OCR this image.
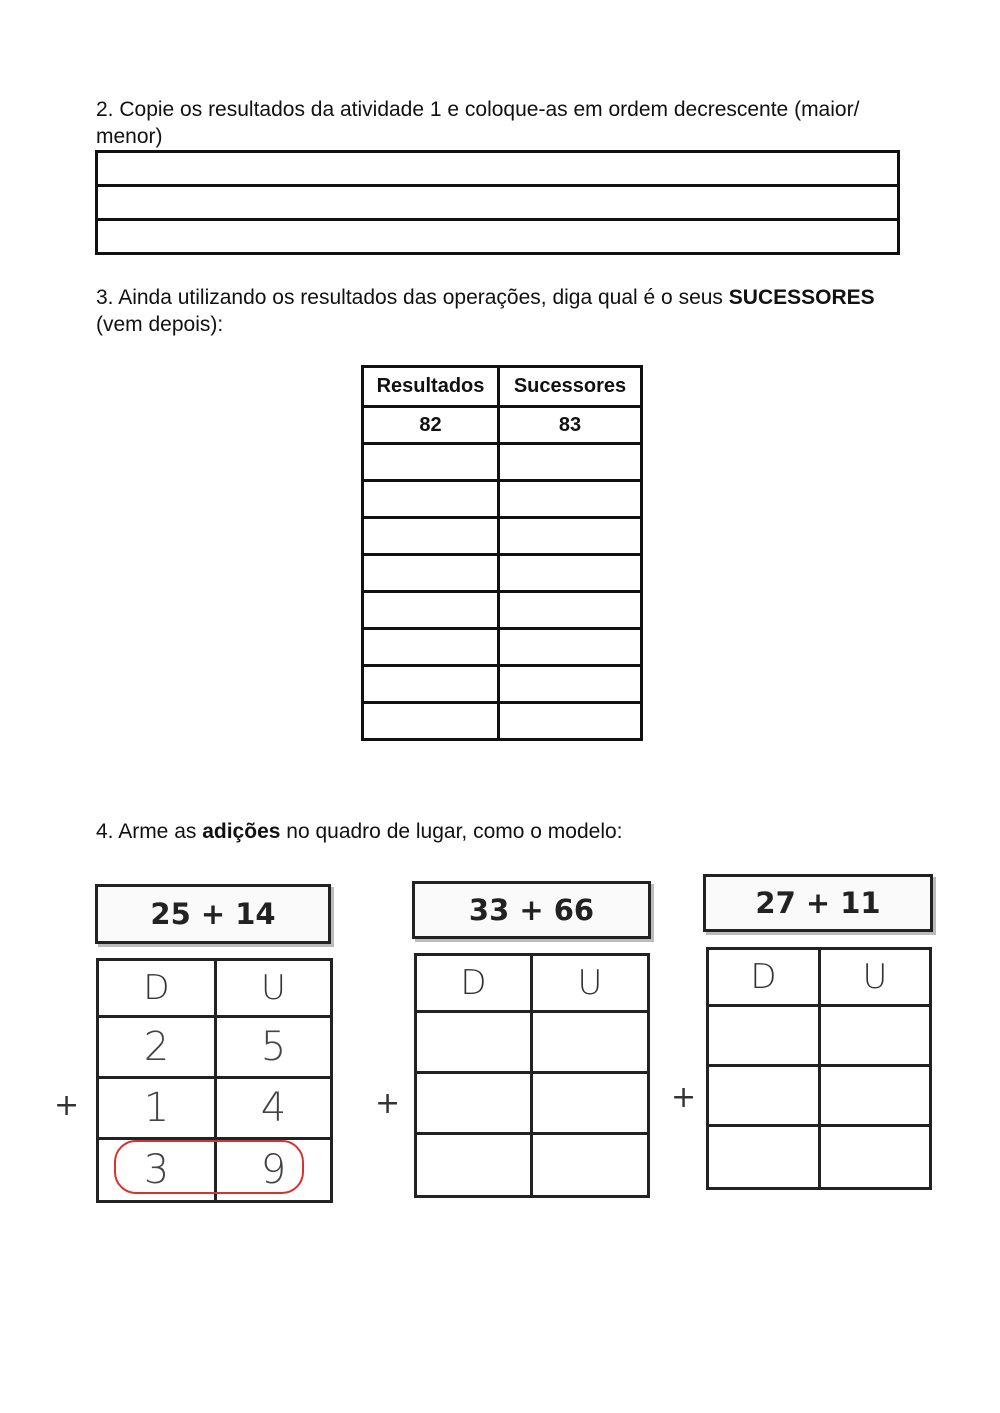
2. Copie os resultados da atividade 1 e coloque-as em ordem decrescente (maior/ menor)

3. Ainda utilizando os resultados das operações, diga qual é o seus SUCESSORES (vem depois):

Resultados	Sucessores
82	83

4. Arme as adições no quadro de lugar, como o modelo:

25 + 14
+
D	U
2	5
1	4
3	9
33 + 66
+
D	U

27 + 11
+
D	U
